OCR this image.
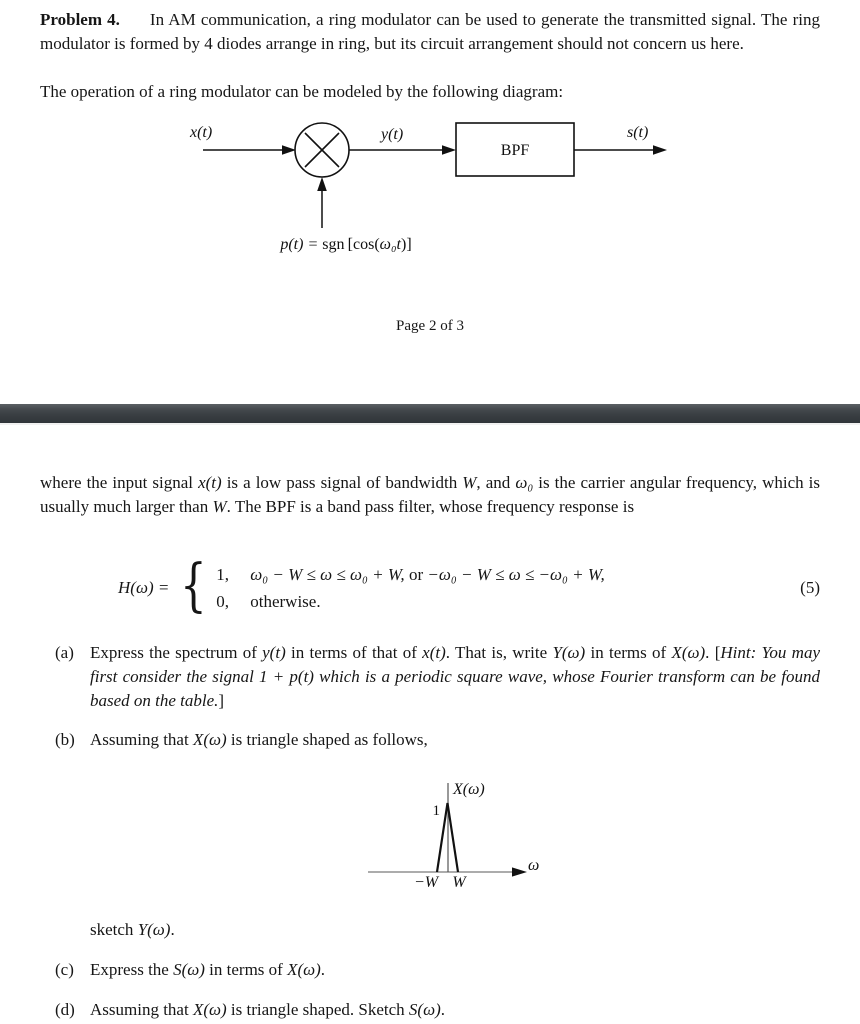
Problem 4. In AM communication, a ring modulator can be used to generate the transmitted signal. The ring modulator is formed by 4 diodes arrange in ring, but its circuit arrangement should not concern us here.
The operation of a ring modulator can be modeled by the following diagram:
x(t)	y(t)
BPF
s(t)
p(t) = sgn [cos(ω₀t)]
Page 2 of 3
where the input signal x(t) is a low pass signal of bandwidth W, and ω₀ is the carrier angular frequency, which is usually much larger than W. The BPF is a band pass filter, whose frequency response is
H(ω) = { 1,	ω₀ − W ≤ ω ≤ ω₀ + W, or −ω₀ − W ≤ ω ≤ −ω₀ + W,
0,	otherwise.
(5)
(a) Express the spectrum of y(t) in terms of that of x(t). That is, write Y(ω) in terms of X(ω). [Hint: You may first consider the signal 1 + p(t) which is a periodic square wave, whose Fourier transform can be found based on the table.]
(b) Assuming that X(ω) is triangle shaped as follows,
X(ω)
1
−W W
ω
sketch Y(ω).
(c) Express the S(ω) in terms of X(ω).
(d) Assuming that X(ω) is triangle shaped. Sketch S(ω).
